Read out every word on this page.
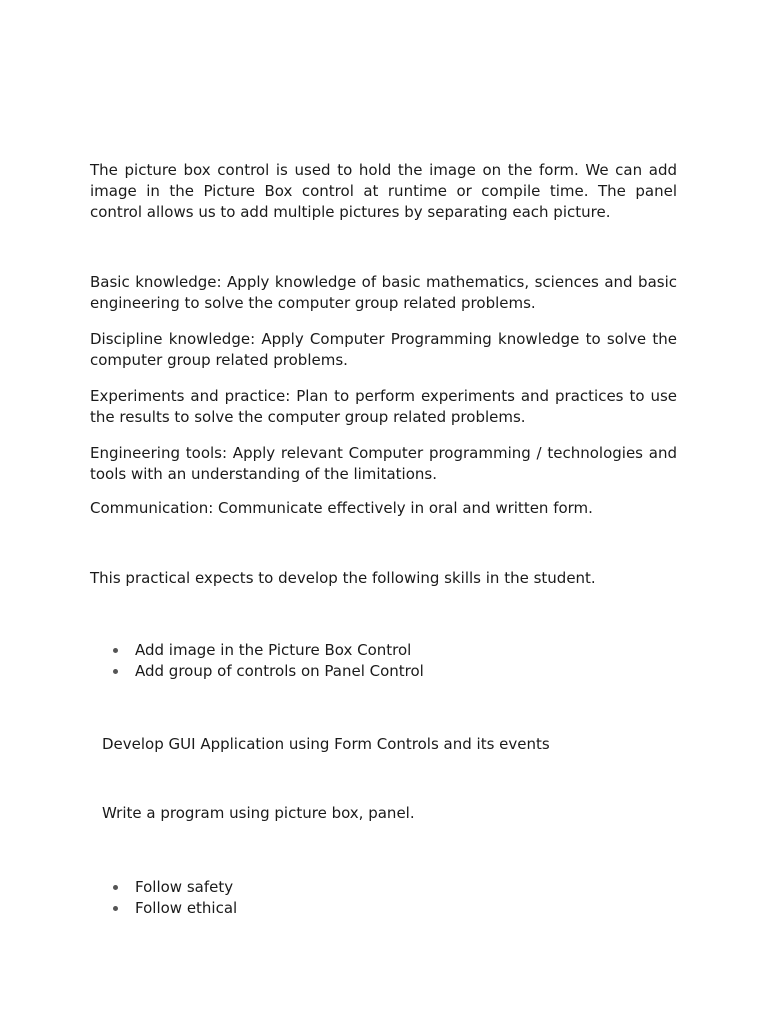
The picture box control is used to hold the image on the form. We can add image in the Picture Box control at runtime or compile time. The panel control allows us to add multiple pictures by separating each picture.

Basic knowledge: Apply knowledge of basic mathematics, sciences and basic engineering to solve the computer group related problems.

Discipline knowledge: Apply Computer Programming knowledge to solve the computer group related problems.

Experiments and practice: Plan to perform experiments and practices to use the results to solve the computer group related problems.

Engineering tools: Apply relevant Computer programming / technologies and tools with an understanding of the limitations.

Communication: Communicate effectively in oral and written form.

This practical expects to develop the following skills in the student.

Add image in the Picture Box Control
Add group of controls on Panel Control

Develop GUI Application using Form Controls and its events

Write a program using picture box, panel.

Follow safety
Follow ethical
